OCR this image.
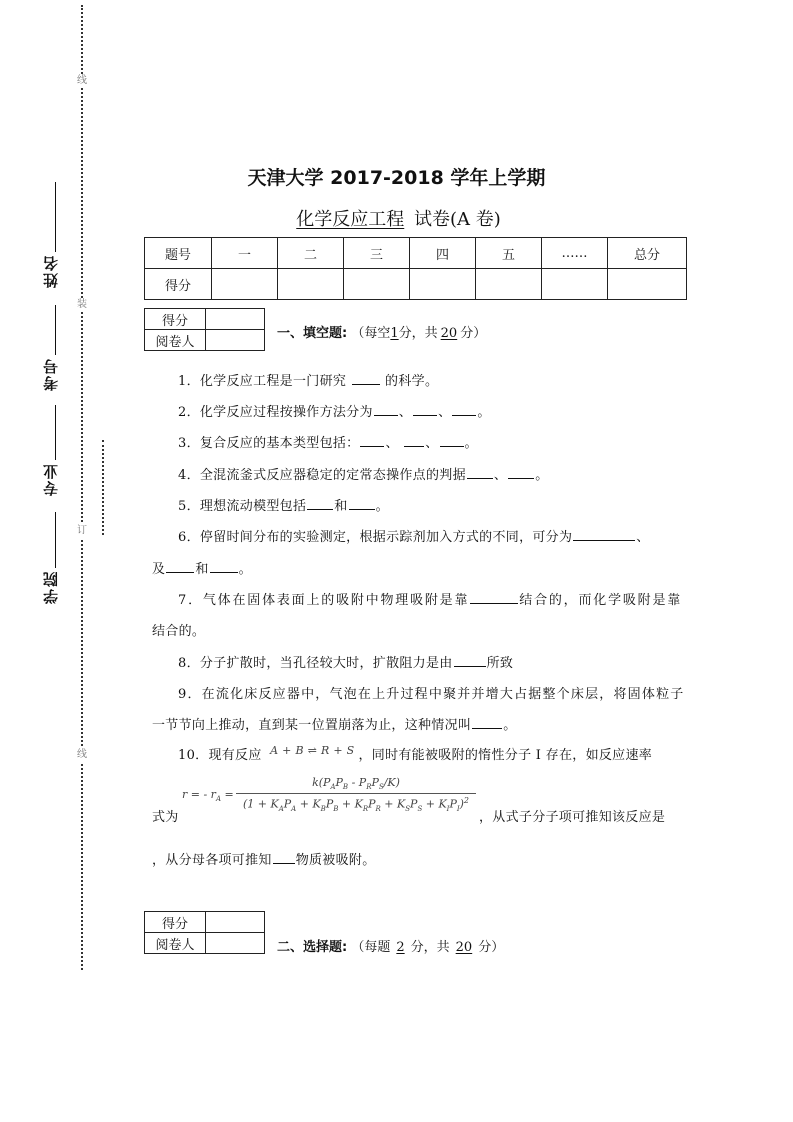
线
装
订
线
姓名
考号
专业
学院
天津大学 2017-2018 学年上学期
化学反应工程 试卷(A 卷)
题号	一	二	三	四	五	……	总分
得分							
得分	
阅卷人	
一、填空题: （每空1分，共 20 分）
1．化学反应工程是一门研究  的科学。
2．化学反应过程按操作方法分为 、 、 。
3．复合反应的基本类型包括： 、 、 。
4．全混流釜式反应器稳定的定常态操作点的判据 、 。
5．理想流动模型包括 和 。
6．停留时间分布的实验测定，根据示踪剂加入方式的不同，可分为	、
及 和 。
7．气体在固体表面上的吸附中物理吸附是靠	结合的，而化学吸附是靠
结合的。
8．分子扩散时，当孔径较大时，扩散阻力是由	所致
9．在流化床反应器中，气泡在上升过程中聚并并增大占据整个床层，将固体粒子
一节节向上推动，直到某一位置崩落为止，这种情况叫 。
10．现有反应 $^{A + B \rightleftharpoons R + S}$ ，同时有能被吸附的惰性分子 I 存在，如反应速率
r = - $r_A$ =
$k(P_AP_B - P_RP_S/K)$
$(1 + K_AP_A + K_BP_B + K_RP_R + K_SP_S + K_IP_I)^2$
式为	，从式子分子项可推知该反应是
，从分母各项可推知 物质被吸附。
得分	
阅卷人		二、选择题: （每题 2 分，共 20 分）
